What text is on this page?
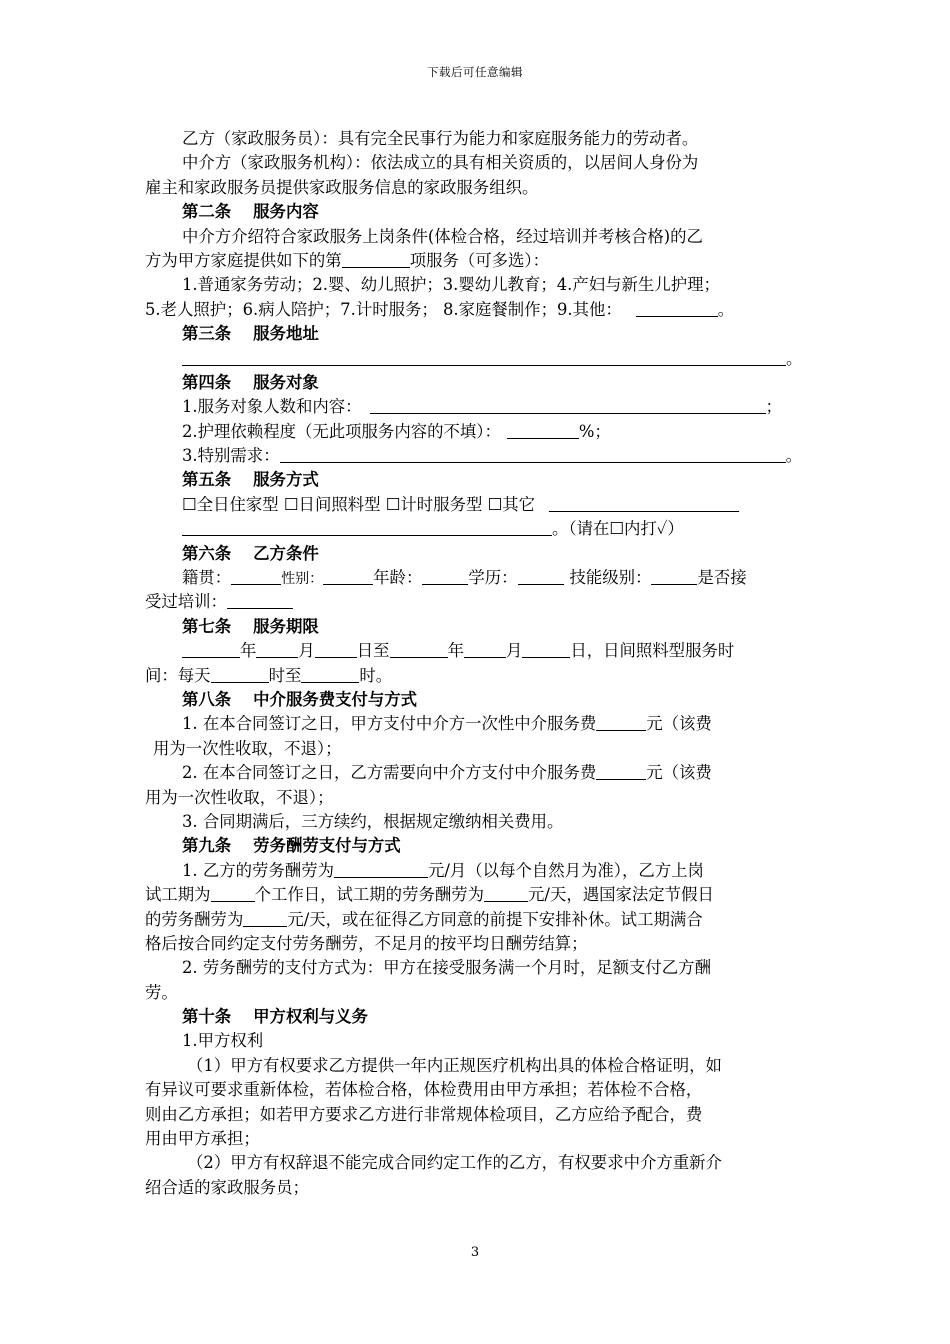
下载后可任意编辑
乙方（家政服务员）：具有完全民事行为能力和家庭服务能力的劳动者。
中介方（家政服务机构）：依法成立的具有相关资质的，以居间人身份为
雇主和家政服务员提供家政服务信息的家政服务组织。
第二条 服务内容
中介方介绍符合家政服务上岗条件(体检合格，经过培训并考核合格)的乙
方为甲方家庭提供如下的第	项服务（可多选）：
1.普通家务劳动；2.婴、幼儿照护；3.婴幼儿教育；4.产妇与新生儿护理；
5.老人照护；6.病人陪护；7.计时服务； 8.家庭餐制作；9.其他：	。
第三条 服务地址
。
第四条 服务对象
1.服务对象人数和内容：	；
2.护理依赖程度（无此项服务内容的不填）：	%；
3.特别需求：	。
第五条 服务方式
☐全日住家型 ☐日间照料型 ☐计时服务型 ☐其它
。（请在☐内打✓）
第六条 乙方条件
籍贯：	性别：	年龄：	学历：	技能级别：	是否接
受过培训：
第七条 服务期限
年	月	日至	年	月	日，日间照料型服务时
间：每天	时至	时。
第八条 中介服务费支付与方式
1. 在本合同签订之日，甲方支付中介方一次性中介服务费	元（该费
用为一次性收取，不退）；
2. 在本合同签订之日，乙方需要向中介方支付中介服务费	元（该费
用为一次性收取，不退）；
3. 合同期满后，三方续约，根据规定缴纳相关费用。
第九条 劳务酬劳支付与方式
1. 乙方的劳务酬劳为	元/月（以每个自然月为准），乙方上岗
试工期为	个工作日，试工期的劳务酬劳为	元/天，遇国家法定节假日
的劳务酬劳为	元/天，或在征得乙方同意的前提下安排补休。试工期满合
格后按合同约定支付劳务酬劳，不足月的按平均日酬劳结算；
2. 劳务酬劳的支付方式为：甲方在接受服务满一个月时，足额支付乙方酬
劳。
第十条 甲方权利与义务
1.甲方权利
（1）甲方有权要求乙方提供一年内正规医疗机构出具的体检合格证明，如
有异议可要求重新体检，若体检合格，体检费用由甲方承担；若体检不合格，
则由乙方承担；如若甲方要求乙方进行非常规体检项目，乙方应给予配合，费
用由甲方承担；
（2）甲方有权辞退不能完成合同约定工作的乙方，有权要求中介方重新介
绍合适的家政服务员；
3
